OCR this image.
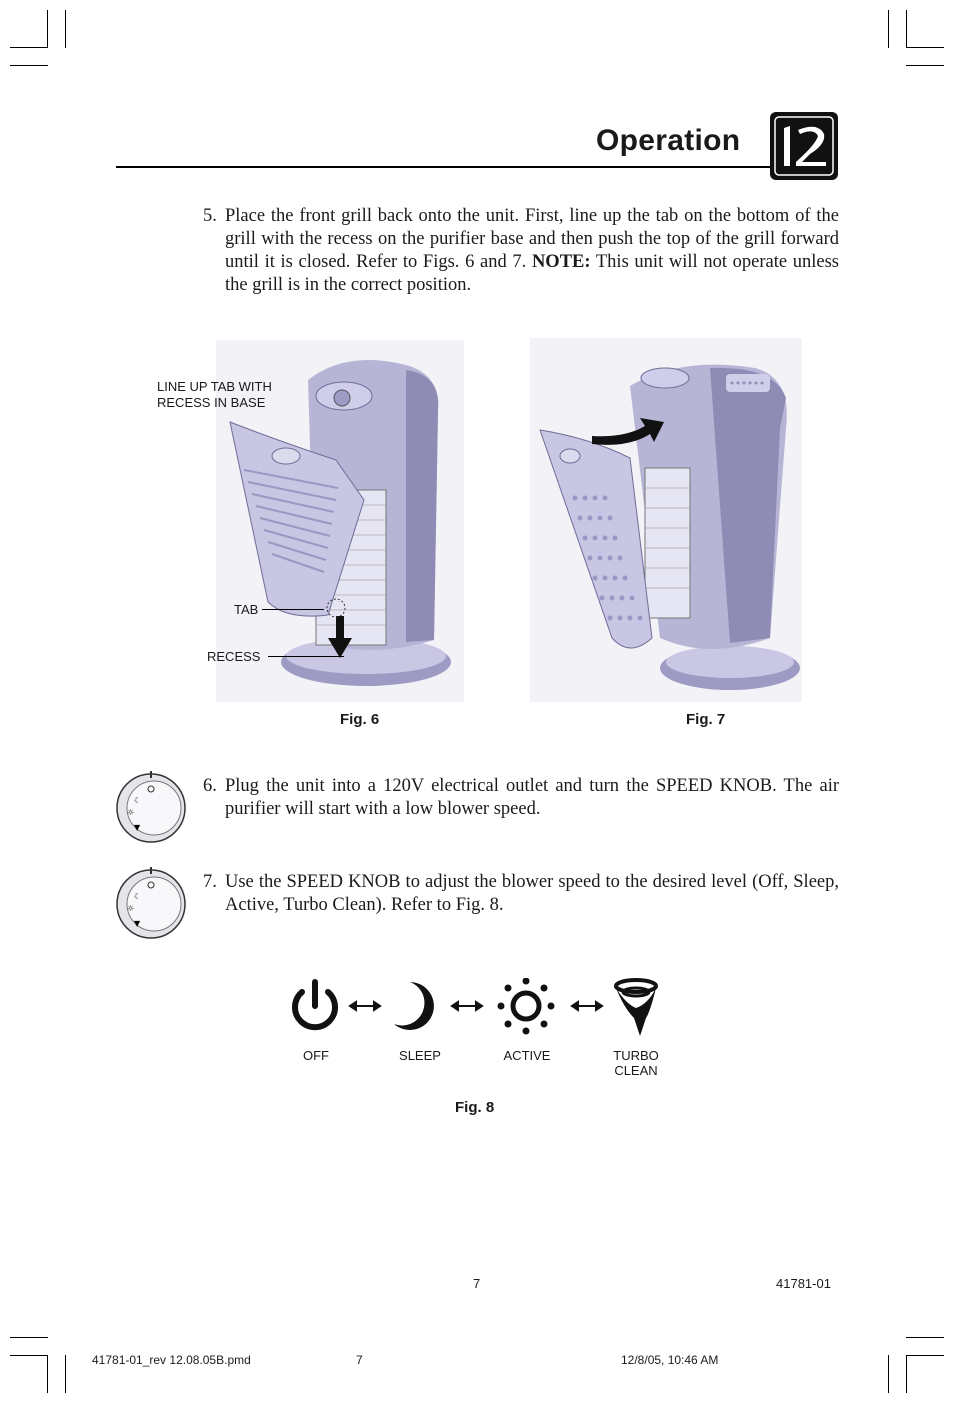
Operation
5. Place the front grill back onto the unit. First, line up the tab on the bottom of the grill with the recess on the purifier base and then push the top of the grill forward until it is closed. Refer to Figs. 6 and 7. NOTE: This unit will not operate unless the grill is in the correct position.
LINE UP TAB WITH
RECESS IN BASE
TAB
RECESS
Fig. 6	Fig. 7
☾
☼
▼
6. Plug the unit into a 120V electrical outlet and turn the SPEED KNOB. The air purifier will start with a low blower speed.
☾
☼
▼
7. Use the SPEED KNOB to adjust the blower speed to the desired level (Off, Sleep, Active, Turbo Clean). Refer to Fig. 8.
OFF	SLEEP	ACTIVE	TURBO
CLEAN
Fig. 8
7	41781-01
41781-01_rev 12.08.05B.pmd	7	12/8/05, 10:46 AM
